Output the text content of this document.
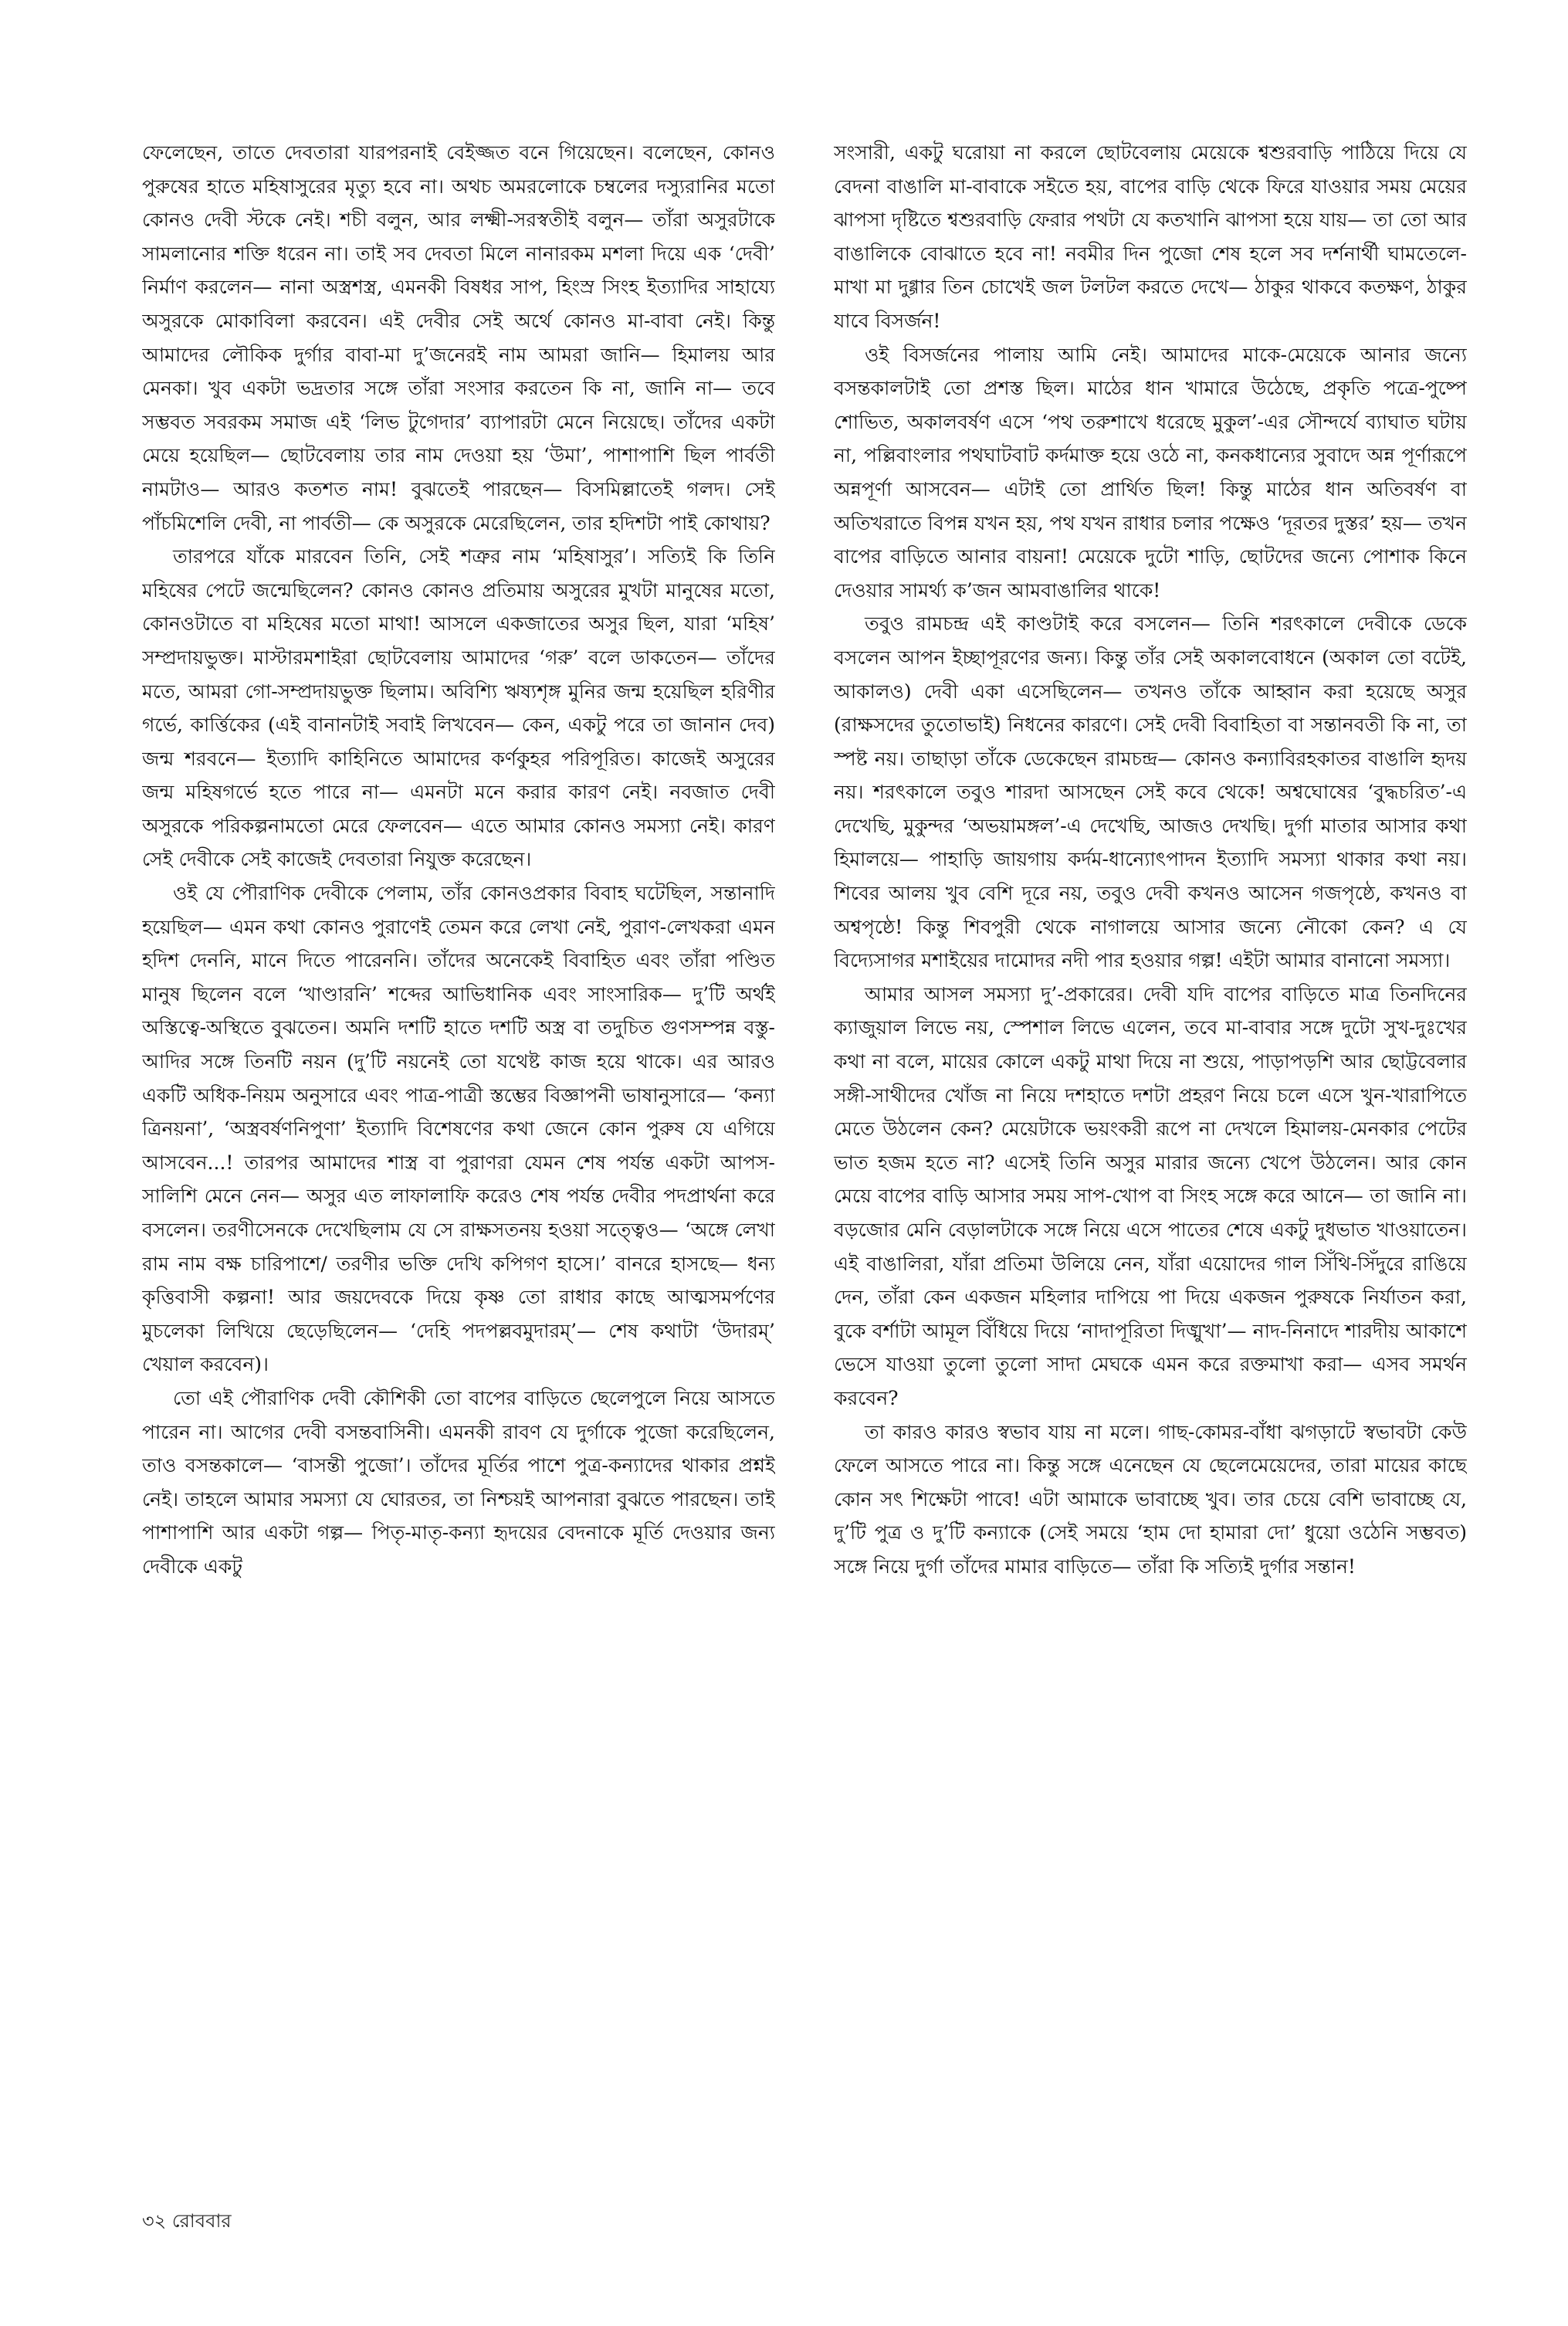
ফেলেছেন, তাতে দেবতারা যারপরনাই বেইজ্জত বনে গিয়েছেন। বলেছেন, কোনও পুরুষের হাতে মহিষাসুরের মৃত্যু হবে না। অথচ অমরলোকে চম্বলের দস্যুরানির মতো কোনও দেবী স্টকে নেই। শচী বলুন, আর লক্ষ্মী-সরস্বতীই বলুন— তাঁরা অসুরটাকে সামলানোর শক্তি ধরেন না। তাই সব দেবতা মিলে নানারকম মশলা দিয়ে এক ‘দেবী’ নির্মাণ করলেন— নানা অস্ত্রশস্ত্র, এমনকী বিষধর সাপ, হিংস্র সিংহ ইত্যাদির সাহায্যে অসুরকে মোকাবিলা করবেন। এই দেবীর সেই অর্থে কোনও মা-বাবা নেই। কিন্তু আমাদের লৌকিক দুর্গার বাবা-মা দু’জনেরই নাম আমরা জানি— হিমালয় আর মেনকা। খুব একটা ভদ্রতার সঙ্গে তাঁরা সংসার করতেন কি না, জানি না— তবে সম্ভবত সবরকম সমাজ এই ‘লিভ টুগেদার’ ব্যাপারটা মেনে নিয়েছে। তাঁদের একটা মেয়ে হয়েছিল— ছোটবেলায় তার নাম দেওয়া হয় ‘উমা’, পাশাপাশি ছিল পার্বতী নামটাও— আরও কতশত নাম! বুঝতেই পারছেন— বিসমিল্লাতেই গলদ। সেই পাঁচমিশেলি দেবী, না পার্বতী— কে অসুরকে মেরেছিলেন, তার হদিশটা পাই কোথায়?

তারপরে যাঁকে মারবেন তিনি, সেই শত্রুর নাম ‘মহিষাসুর’। সত্যিই কি তিনি মহিষের পেটে জন্মেছিলেন? কোনও কোনও প্রতিমায় অসুরের মুখটা মানুষের মতো, কোনওটাতে বা মহিষের মতো মাথা! আসলে একজাতের অসুর ছিল, যারা ‘মহিষ’ সম্প্রদায়ভুক্ত। মাস্টারমশাইরা ছোটবেলায় আমাদের ‘গরু’ বলে ডাকতেন— তাঁদের মতে, আমরা গো-সম্প্রদায়ভুক্ত ছিলাম। অবিশ্যি ঋষ্যশৃঙ্গ মুনির জন্ম হয়েছিল হরিণীর গর্ভে, কার্ত্তিকের (এই বানানটাই সবাই লিখবেন— কেন, একটু পরে তা জানান দেব) জন্ম শরবনে— ইত্যাদি কাহিনিতে আমাদের কর্ণকুহর পরিপূরিত। কাজেই অসুরের জন্ম মহিষগর্ভে হতে পারে না— এমনটা মনে করার কারণ নেই। নবজাত দেবী অসুরকে পরিকল্পনামতো মেরে ফেলবেন— এতে আমার কোনও সমস্যা নেই। কারণ সেই দেবীকে সেই কাজেই দেবতারা নিযুক্ত করেছেন।

ওই যে পৌরাণিক দেবীকে পেলাম, তাঁর কোনওপ্রকার বিবাহ ঘটেছিল, সন্তানাদি হয়েছিল— এমন কথা কোনও পুরাণেই তেমন করে লেখা নেই, পুরাণ-লেখকরা এমন হদিশ দেননি, মানে দিতে পারেননি। তাঁদের অনেকেই বিবাহিত এবং তাঁরা পণ্ডিত মানুষ ছিলেন বলে ‘খাণ্ডারনি’ শব্দের আভিধানিক এবং সাংসারিক— দু’টি অর্থই অস্তিত্বে-অস্থিতে বুঝতেন। অমনি দশটি হাতে দশটি অস্ত্র বা তদুচিত গুণসম্পন্ন বস্তু-আদির সঙ্গে তিনটি নয়ন (দু’টি নয়নেই তো যথেষ্ট কাজ হয়ে থাকে। এর আরও একটি অধিক-নিয়ম অনুসারে এবং পাত্র-পাত্রী স্তম্ভের বিজ্ঞাপনী ভাষানুসারে— ‘কন্যা ত্রিনয়না’, ‘অস্ত্রবর্ষণনিপুণা’ ইত্যাদি বিশেষণের কথা জেনে কোন পুরুষ যে এগিয়ে আসবেন...! তারপর আমাদের শাস্ত্র বা পুরাণরা যেমন শেষ পর্যন্ত একটা আপস-সালিশি মেনে নেন— অসুর এত লাফালাফি করেও শেষ পর্যন্ত দেবীর পদপ্রার্থনা করে বসলেন। তরণীসেনকে দেখেছিলাম যে সে রাক্ষসতনয় হওয়া সত্ত্বেও— ‘অঙ্গে লেখা রাম নাম বক্ষ চারিপাশে/ তরণীর ভক্তি দেখি কপিগণ হাসে।’ বানরে হাসছে— ধন্য কৃত্তিবাসী কল্পনা! আর জয়দেবকে দিয়ে কৃষ্ণ তো রাধার কাছে আত্মসমর্পণের মুচলেকা লিখিয়ে ছেড়েছিলেন— ‘দেহি পদপল্লবমুদারম্’— শেষ কথাটা ‘উদারম্’ খেয়াল করবেন)।

তো এই পৌরাণিক দেবী কৌশিকী তো বাপের বাড়িতে ছেলেপুলে নিয়ে আসতে পারেন না। আগের দেবী বসন্তবাসিনী। এমনকী রাবণ যে দুর্গাকে পুজো করেছিলেন, তাও বসন্তকালে— ‘বাসন্তী পুজো’। তাঁদের মূর্তির পাশে পুত্র-কন্যাদের থাকার প্রশ্নই নেই। তাহলে আমার সমস্যা যে ঘোরতর, তা নিশ্চয়ই আপনারা বুঝতে পারছেন। তাই পাশাপাশি আর একটা গল্প— পিতৃ-মাতৃ-কন্যা হৃদয়ের বেদনাকে মূর্তি দেওয়ার জন্য দেবীকে একটু

সংসারী, একটু ঘরোয়া না করলে ছোটবেলায় মেয়েকে শ্বশুরবাড়ি পাঠিয়ে দিয়ে যে বেদনা বাঙালি মা-বাবাকে সইতে হয়, বাপের বাড়ি থেকে ফিরে যাওয়ার সময় মেয়ের ঝাপসা দৃষ্টিতে শ্বশুরবাড়ি ফেরার পথটা যে কতখানি ঝাপসা হয়ে যায়— তা তো আর বাঙালিকে বোঝাতে হবে না! নবমীর দিন পুজো শেষ হলে সব দর্শনার্থী ঘামতেলে-মাখা মা দুগ্গার তিন চোখেই জল টলটল করতে দেখে— ঠাকুর থাকবে কতক্ষণ, ঠাকুর যাবে বিসর্জন!

ওই বিসর্জনের পালায় আমি নেই। আমাদের মাকে-মেয়েকে আনার জন্যে বসন্তকালটাই তো প্রশস্ত ছিল। মাঠের ধান খামারে উঠেছে, প্রকৃতি পত্রে-পুষ্পে শোভিত, অকালবর্ষণ এসে ‘পথ তরুশাখে ধরেছে মুকুল’-এর সৌন্দর্যে ব্যাঘাত ঘটায় না, পল্লিবাংলার পথঘাটবাট কর্দমাক্ত হয়ে ওঠে না, কনকধান্যের সুবাদে অন্ন পূর্ণারূপে অন্নপূর্ণা আসবেন— এটাই তো প্রার্থিত ছিল! কিন্তু মাঠের ধান অতিবর্ষণ বা অতিখরাতে বিপন্ন যখন হয়, পথ যখন রাধার চলার পক্ষেও ‘দূরতর দুস্তর’ হয়— তখন বাপের বাড়িতে আনার বায়না! মেয়েকে দুটো শাড়ি, ছোটদের জন্যে পোশাক কিনে দেওয়ার সামর্থ্য ক’জন আমবাঙালির থাকে!

তবুও রামচন্দ্র এই কাণ্ডটাই করে বসলেন— তিনি শরৎকালে দেবীকে ডেকে বসলেন আপন ইচ্ছাপূরণের জন্য। কিন্তু তাঁর সেই অকালবোধনে (অকাল তো বটেই, আকালও) দেবী একা এসেছিলেন— তখনও তাঁকে আহ্বান করা হয়েছে অসুর (রাক্ষসদের তুতোভাই) নিধনের কারণে। সেই দেবী বিবাহিতা বা সন্তানবতী কি না, তা স্পষ্ট নয়। তাছাড়া তাঁকে ডেকেছেন রামচন্দ্র— কোনও কন্যাবিরহকাতর বাঙালি হৃদয় নয়। শরৎকালে তবুও শারদা আসছেন সেই কবে থেকে! অশ্বঘোষের ‘বুদ্ধচরিত’-এ দেখেছি, মুকুন্দর ‘অভয়ামঙ্গল’-এ দেখেছি, আজও দেখছি। দুর্গা মাতার আসার কথা হিমালয়ে— পাহাড়ি জায়গায় কর্দম-ধান্যোৎপাদন ইত্যাদি সমস্যা থাকার কথা নয়। শিবের আলয় খুব বেশি দূরে নয়, তবুও দেবী কখনও আসেন গজপৃষ্ঠে, কখনও বা অশ্বপৃষ্ঠে! কিন্তু শিবপুরী থেকে নাগালয়ে আসার জন্যে নৌকো কেন? এ যে বিদ্যেসাগর মশাইয়ের দামোদর নদী পার হওয়ার গল্প! এইটা আমার বানানো সমস্যা।

আমার আসল সমস্যা দু’-প্রকারের। দেবী যদি বাপের বাড়িতে মাত্র তিনদিনের ক্যাজুয়াল লিভে নয়, স্পেশাল লিভে এলেন, তবে মা-বাবার সঙ্গে দুটো সুখ-দুঃখের কথা না বলে, মায়ের কোলে একটু মাথা দিয়ে না শুয়ে, পাড়াপড়শি আর ছোট্টবেলার সঙ্গী-সাথীদের খোঁজ না নিয়ে দশহাতে দশটা প্রহরণ নিয়ে চলে এসে খুন-খারাপিতে মেতে উঠলেন কেন? মেয়েটাকে ভয়ংকরী রূপে না দেখলে হিমালয়-মেনকার পেটের ভাত হজম হতে না? এসেই তিনি অসুর মারার জন্যে খেপে উঠলেন। আর কোন মেয়ে বাপের বাড়ি আসার সময় সাপ-খোপ বা সিংহ সঙ্গে করে আনে— তা জানি না। বড়জোর মেনি বেড়ালটাকে সঙ্গে নিয়ে এসে পাতের শেষে একটু দুধভাত খাওয়াতেন। এই বাঙালিরা, যাঁরা প্রতিমা উলিয়ে নেন, যাঁরা এয়োদের গাল সিঁথি-সিঁদুরে রাঙিয়ে দেন, তাঁরা কেন একজন মহিলার দাপিয়ে পা দিয়ে একজন পুরুষকে নির্যাতন করা, বুকে বর্শাটা আমূল বিঁধিয়ে দিয়ে ‘নাদাপূরিতা দিঙ্মুখা’— নাদ-নিনাদে শারদীয় আকাশে ভেসে যাওয়া তুলো তুলো সাদা মেঘকে এমন করে রক্তমাখা করা— এসব সমর্থন করবেন?

তা কারও কারও স্বভাব যায় না মলে। গাছ-কোমর-বাঁধা ঝগড়াটে স্বভাবটা কেউ ফেলে আসতে পারে না। কিন্তু সঙ্গে এনেছেন যে ছেলেমেয়েদের, তারা মায়ের কাছে কোন সৎ শিক্ষেটা পাবে! এটা আমাকে ভাবাচ্ছে খুব। তার চেয়ে বেশি ভাবাচ্ছে যে, দু’টি পুত্র ও দু’টি কন্যাকে (সেই সময়ে ‘হাম দো হামারা দো’ ধুয়ো ওঠেনি সম্ভবত) সঙ্গে নিয়ে দুর্গা তাঁদের মামার বাড়িতে— তাঁরা কি সত্যিই দুর্গার সন্তান!

৩২ রোববার
